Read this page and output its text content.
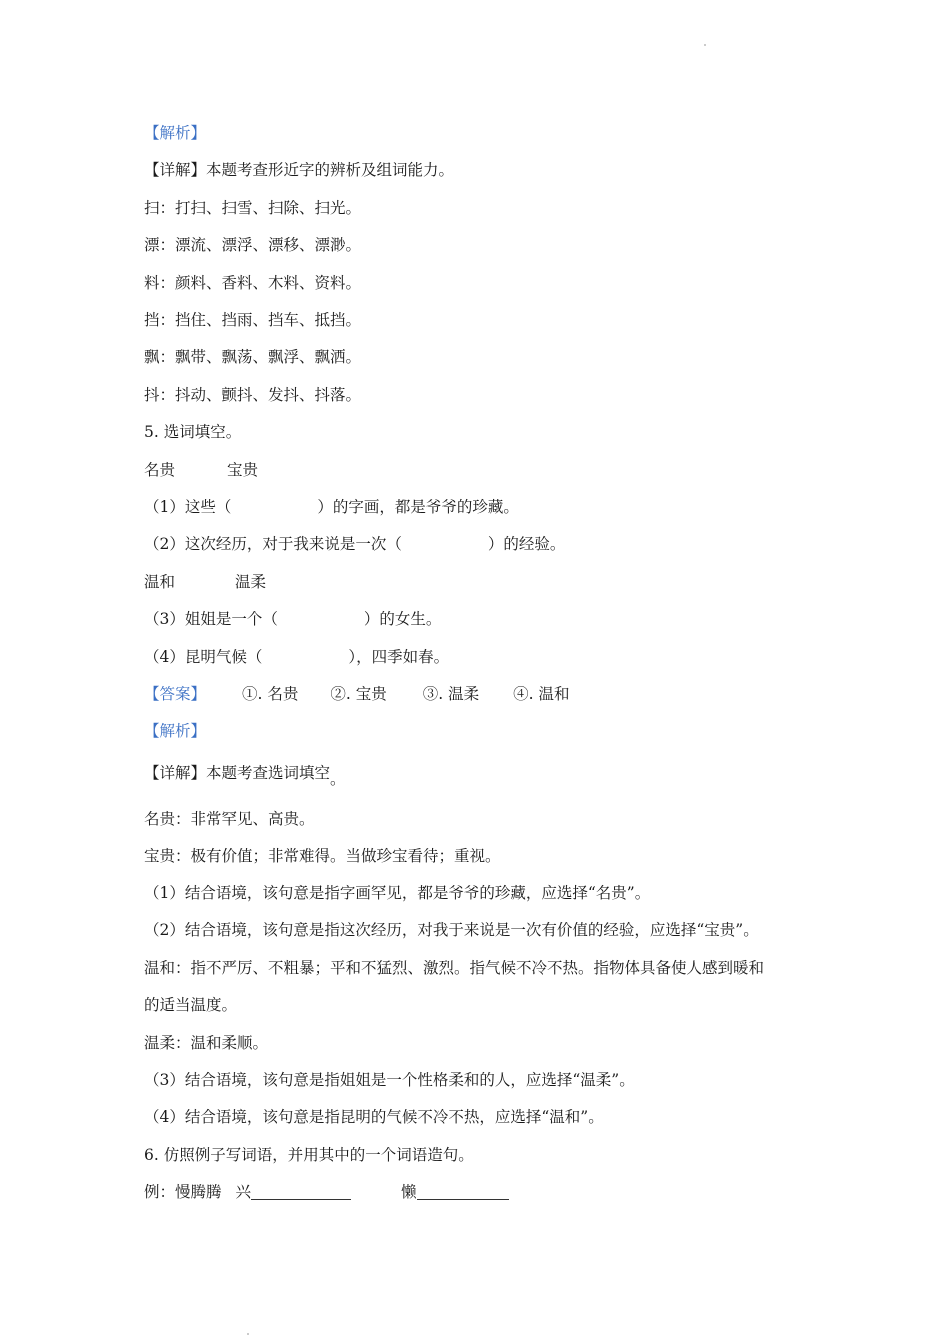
【解析】
【详解】本题考查形近字的辨析及组词能力。
扫：打扫、扫雪、扫除、扫光。
漂：漂流、漂浮、漂移、漂渺。
料：颜料、香料、木料、资料。
挡：挡住、挡雨、挡车、抵挡。
飘：飘带、飘荡、飘浮、飘洒。
抖：抖动、颤抖、发抖、抖落。
5. 选词填空。
名贵	宝贵
（1）这些（	）的字画，都是爷爷的珍藏。
（2）这次经历，对于我来说是一次（	）的经验。
温和	温柔
（3）姐姐是一个（	）的女生。
（4）昆明气候（	），四季如春。
【答案】 ①. 名贵 ②. 宝贵 ③. 温柔 ④. 温和
【解析】
【详解】本题考查选词填空。
名贵：非常罕见、高贵。
宝贵：极有价值；非常难得。当做珍宝看待；重视。
（1）结合语境，该句意是指字画罕见，都是爷爷的珍藏，应选择“名贵”。
（2）结合语境，该句意是指这次经历，对我于来说是一次有价值的经验，应选择“宝贵”。
温和：指不严厉、不粗暴；平和不猛烈、激烈。指气候不冷不热。指物体具备使人感到暖和
的适当温度。
温柔：温和柔顺。
（3）结合语境，该句意是指姐姐是一个性格柔和的人，应选择“温柔”。
（4）结合语境，该句意是指昆明的气候不冷不热，应选择“温和”。
6. 仿照例子写词语，并用其中的一个词语造句。
例：慢腾腾 兴	懒
